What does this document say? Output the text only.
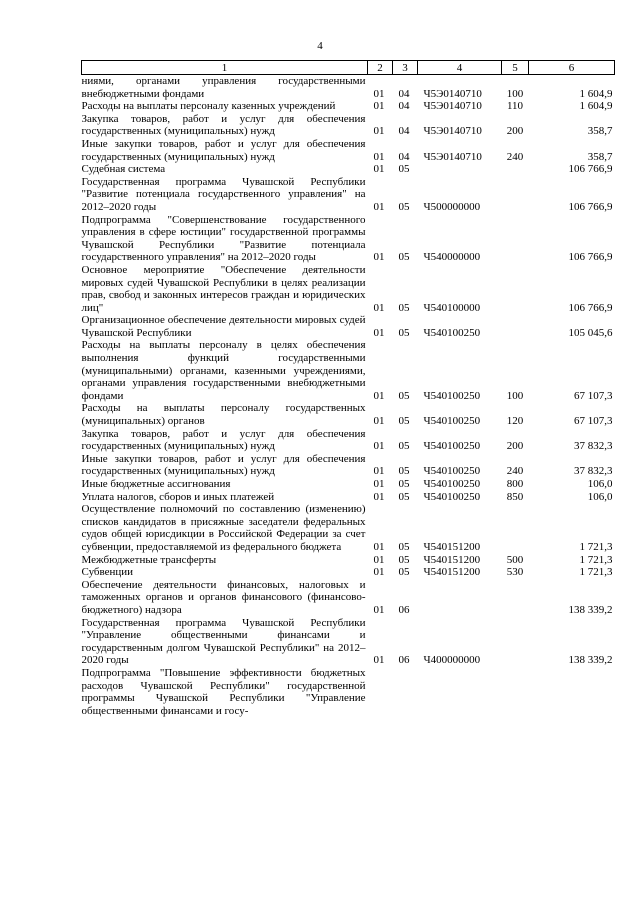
4
1	2	3	4	5	6
ниями, органами управления государственными внебюджетными фондами	01	04	Ч5Э0140710	100	1 604,9
Расходы на выплаты персоналу казенных учреждений	01	04	Ч5Э0140710	110	1 604,9
Закупка товаров, работ и услуг для обеспечения государственных (муниципальных) нужд	01	04	Ч5Э0140710	200	358,7
Иные закупки товаров, работ и услуг для обеспечения государственных (муниципальных) нужд	01	04	Ч5Э0140710	240	358,7
Судебная система	01	05			106 766,9
Государственная программа Чувашской Республики "Развитие потенциала государственного управления" на 2012–2020 годы	01	05	Ч500000000		106 766,9
Подпрограмма "Совершенствование государственного управления в сфере юстиции" государственной программы Чувашской Республики "Развитие потенциала государственного управления" на 2012–2020 годы	01	05	Ч540000000		106 766,9
Основное мероприятие "Обеспечение деятельности мировых судей Чувашской Республики в целях реализации прав, свобод и законных интересов граждан и юридических лиц"	01	05	Ч540100000		106 766,9
Организационное обеспечение деятельности мировых судей Чувашской Республики	01	05	Ч540100250		105 045,6
Расходы на выплаты персоналу в целях обеспечения выполнения функций государственными (муниципальными) органами, казенными учреждениями, органами управления государственными внебюджетными фондами	01	05	Ч540100250	100	67 107,3
Расходы на выплаты персоналу государственных (муниципальных) органов	01	05	Ч540100250	120	67 107,3
Закупка товаров, работ и услуг для обеспечения государственных (муниципальных) нужд	01	05	Ч540100250	200	37 832,3
Иные закупки товаров, работ и услуг для обеспечения государственных (муниципальных) нужд	01	05	Ч540100250	240	37 832,3
Иные бюджетные ассигнования	01	05	Ч540100250	800	106,0
Уплата налогов, сборов и иных платежей	01	05	Ч540100250	850	106,0
Осуществление полномочий по составлению (изменению) списков кандидатов в присяжные заседатели федеральных судов общей юрисдикции в Российской Федерации за счет субвенции, предоставляемой из федерального бюджета	01	05	Ч540151200		1 721,3
Межбюджетные трансферты	01	05	Ч540151200	500	1 721,3
Субвенции	01	05	Ч540151200	530	1 721,3
Обеспечение деятельности финансовых, налоговых и таможенных органов и органов финансового (финансово-бюджетного) надзора	01	06			138 339,2
Государственная программа Чувашской Республики "Управление общественными финансами и государственным долгом Чувашской Республики" на 2012–2020 годы	01	06	Ч400000000		138 339,2
Подпрограмма "Повышение эффективности бюджетных расходов Чувашской Республики" государственной программы Чувашской Республики "Управление общественными финансами и госу-					
